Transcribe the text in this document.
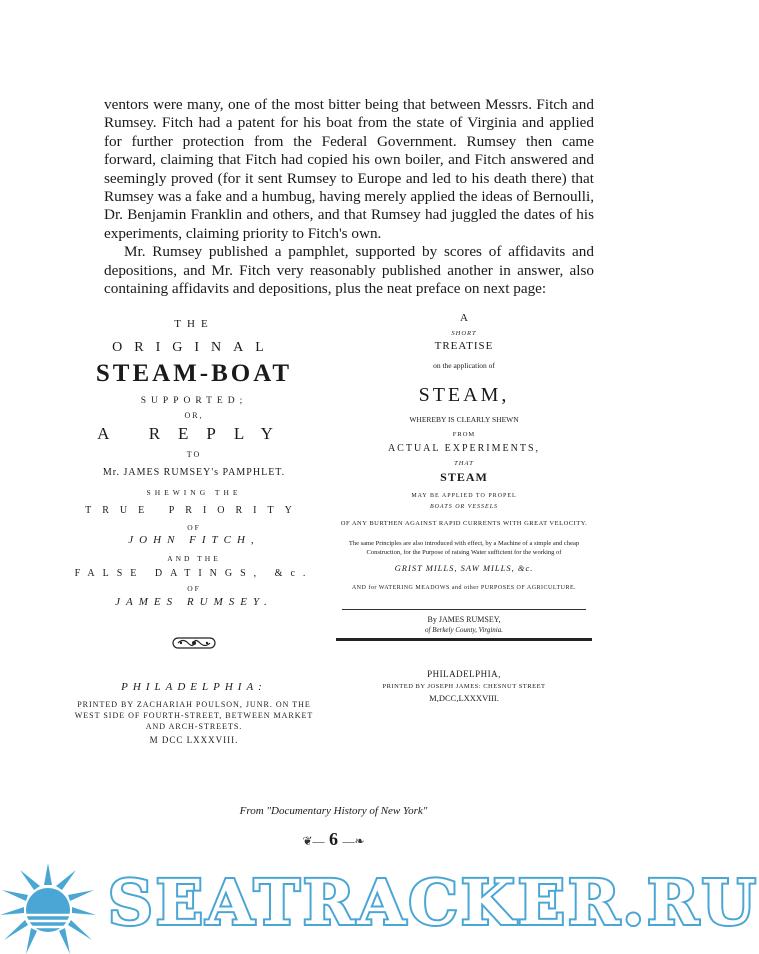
ventors were many, one of the most bitter being that between Messrs. Fitch and Rumsey. Fitch had a patent for his boat from the state of Virginia and applied for further protection from the Federal Government. Rumsey then came forward, claiming that Fitch had copied his own boiler, and Fitch answered and seemingly proved (for it sent Rumsey to Europe and led to his death there) that Rumsey was a fake and a humbug, having merely applied the ideas of Bernoulli, Dr. Benjamin Franklin and others, and that Rumsey had juggled the dates of his experiments, claiming priority to Fitch's own.

Mr. Rumsey published a pamphlet, supported by scores of affidavits and depositions, and Mr. Fitch very reasonably published another in answer, also containing affidavits and depositions, plus the neat preface on next page:

THE
ORIGINAL
STEAM-BOAT
SUPPORTED;
OR,
A REPLY
TO
Mr. JAMES RUMSEY's PAMPHLET.
SHEWING THE
TRUE PRIORITY
OF
JOHN FITCH,
AND THE
FALSE DATINGS, &c.
OF
JAMES RUMSEY.
PHILADELPHIA:
PRINTED BY ZACHARIAH POULSON, JUNR. ON THE WEST SIDE OF FOURTH-STREET, BETWEEN MARKET AND ARCH-STREETS.
M DCC LXXXVIII.
A
SHORT
TREATISE
on the application of
STEAM,
WHEREBY IS CLEARLY SHEWN
FROM
ACTUAL EXPERIMENTS,
THAT
STEAM
MAY BE APPLIED TO PROPEL
BOATS OR VESSELS
OF ANY BURTHEN AGAINST RAPID CURRENTS WITH GREAT VELOCITY.
The same Principles are also introduced with effect, by a Machine of a simple and cheap Construction, for the Purpose of raising Water sufficient for the working of
GRIST MILLS, SAW MILLS, &c.
AND for WATERING MEADOWS and other PURPOSES OF AGRICULTURE.
By JAMES RUMSEY,
of Berkely County, Virginia.
PHILADELPHIA,
PRINTED BY JOSEPH JAMES: CHESNUT STREET
M,DCC,LXXXVIII.
From "Documentary History of New York"
❦― 6 ―❧
SEATRACKER.RU
